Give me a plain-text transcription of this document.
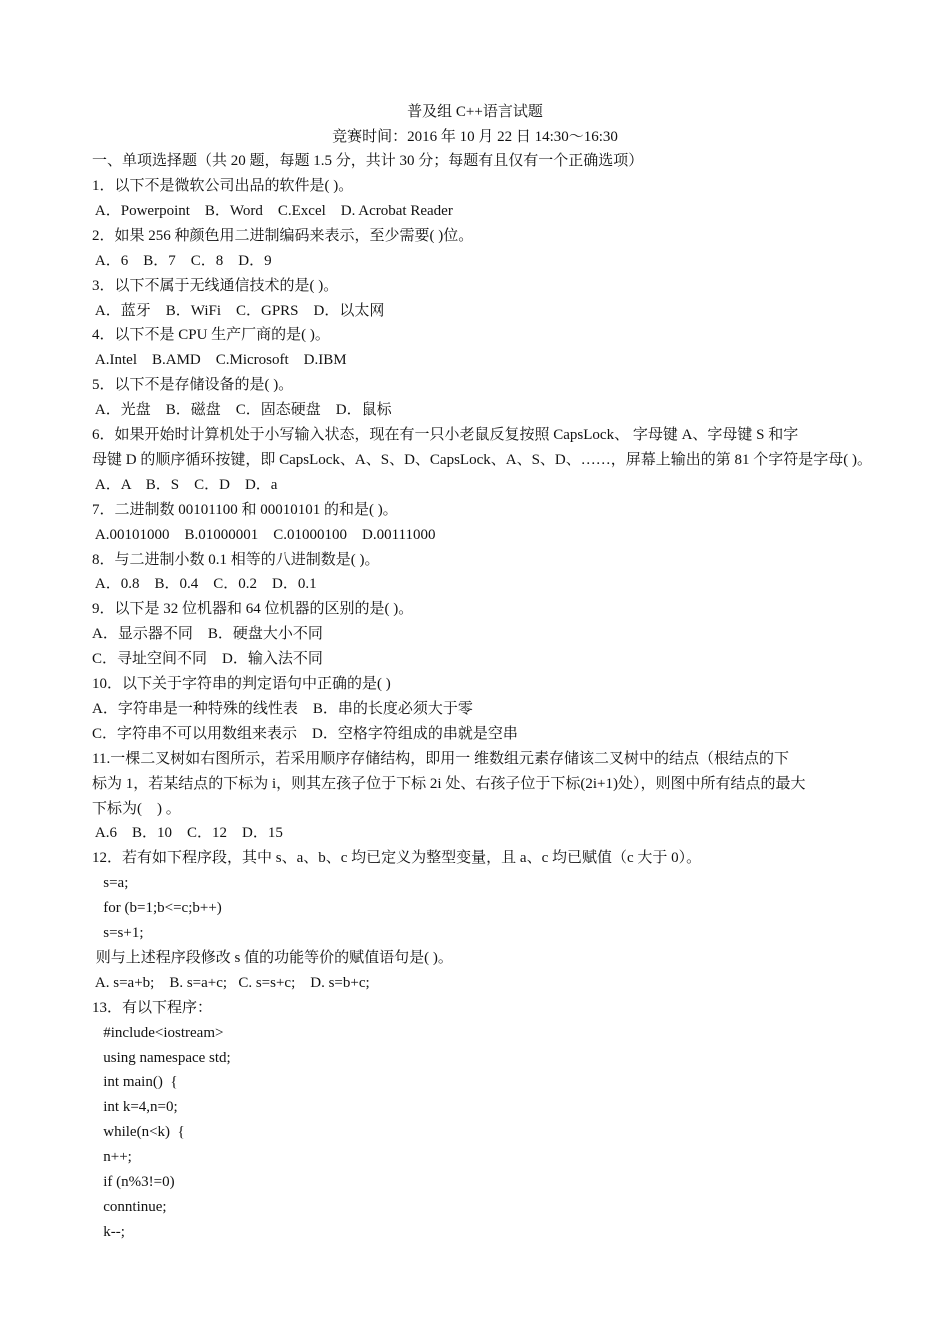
普及组 C++语言试题
竞赛时间：2016 年 10 月 22 日 14:30～16:30
一、单项选择题（共 20 题，每题 1.5 分，共计 30 分；每题有且仅有一个正确选项）
1．以下不是微软公司出品的软件是( )。
A．Powerpoint    B．Word    C.Excel    D. Acrobat Reader
2．如果 256 种颜色用二进制编码来表示，至少需要( )位。
A．6    B．7    C．8    D．9
3．以下不属于无线通信技术的是( )。
A．蓝牙    B．WiFi    C．GPRS    D．以太网
4．以下不是 CPU 生产厂商的是( )。
A.Intel    B.AMD    C.Microsoft    D.IBM
5．以下不是存储设备的是( )。
A．光盘    B．磁盘    C．固态硬盘    D．鼠标
6．如果开始时计算机处于小写输入状态，现在有一只小老鼠反复按照 CapsLock、 字母键 A、字母键 S 和字
母键 D 的顺序循环按键，即 CapsLock、A、S、D、CapsLock、A、S、D、……，屏幕上输出的第 81 个字符是字母( )。
A．A    B．S    C．D    D．a
7．二进制数 00101100 和 00010101 的和是( )。
A.00101000    B.01000001    C.01000100    D.00111000
8．与二进制小数 0.1 相等的八进制数是( )。
A．0.8    B．0.4    C．0.2    D．0.1
9．以下是 32 位机器和 64 位机器的区别的是( )。
A．显示器不同    B．硬盘大小不同
C．寻址空间不同    D．输入法不同
10．以下关于字符串的判定语句中正确的是( )
A．字符串是一种特殊的线性表    B．串的长度必须大于零
C．字符串不可以用数组来表示    D．空格字符组成的串就是空串
11.一棵二叉树如右图所示，若采用顺序存储结构，即用一 维数组元素存储该二叉树中的结点（根结点的下
标为 1，若某结点的下标为 i，则其左孩子位于下标 2i 处、右孩子位于下标(2i+1)处），则图中所有结点的最大
下标为(    ) 。
A.6    B．10    C．12    D．15
12．若有如下程序段，其中 s、a、b、c 均已定义为整型变量，且 a、c 均已赋值（c 大于 0）。
s=a;
for (b=1;b<=c;b++)
s=s+1;
则与上述程序段修改 s 值的功能等价的赋值语句是( )。
A. s=a+b;    B. s=a+c;   C. s=s+c;    D. s=b+c;
13．有以下程序：
#include<iostream>
using namespace std;
int main()  {
int k=4,n=0;
while(n<k)  {
n++;
if (n%3!=0)
conntinue;
k--;
